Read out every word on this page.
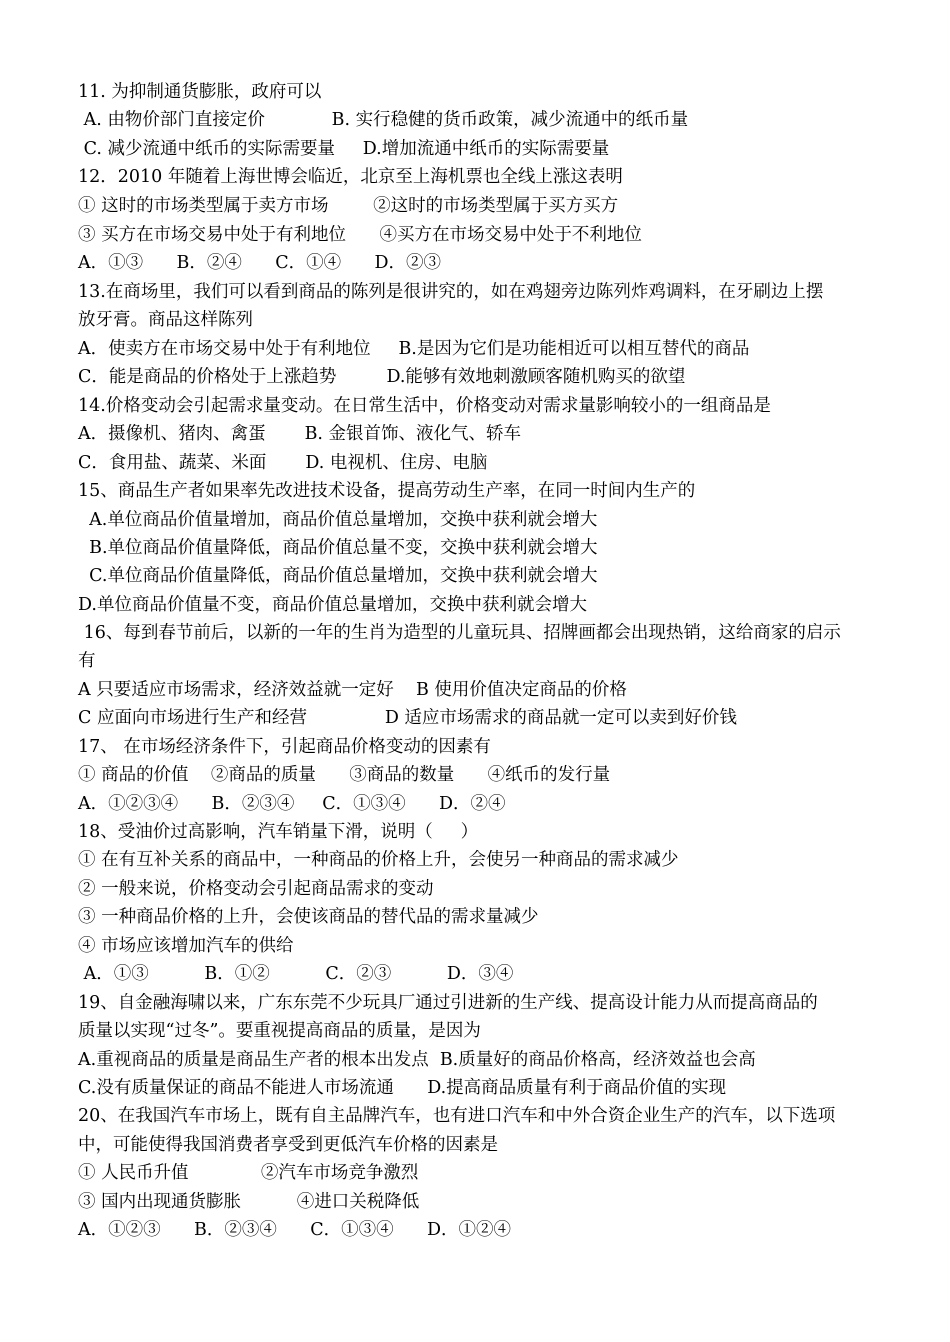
11. 为抑制通货膨胀，政府可以
A. 由物价部门直接定价            B. 实行稳健的货币政策，减少流通中的纸币量
C. 减少流通中纸币的实际需要量     D.增加流通中纸币的实际需要量
12．2010 年随着上海世博会临近，北京至上海机票也全线上涨这表明
① 这时的市场类型属于卖方市场        ②这时的市场类型属于买方买方
③ 买方在市场交易中处于有利地位      ④买方在市场交易中处于不利地位
A．①③      B．②④      C．①④      D．②③
13.在商场里，我们可以看到商品的陈列是很讲究的，如在鸡翅旁边陈列炸鸡调料，在牙刷边上摆
放牙膏。商品这样陈列
A．使卖方在市场交易中处于有利地位     B.是因为它们是功能相近可以相互替代的商品
C．能是商品的价格处于上涨趋势         D.能够有效地刺激顾客随机购买的欲望
14.价格变动会引起需求量变动。在日常生活中，价格变动对需求量影响较小的一组商品是
A．摄像机、猪肉、禽蛋       B. 金银首饰、液化气、轿车
C．食用盐、蔬菜、米面       D. 电视机、住房、电脑
15、商品生产者如果率先改进技术设备，提高劳动生产率，在同一时间内生产的
A.单位商品价值量增加，商品价值总量增加，交换中获利就会增大
B.单位商品价值量降低，商品价值总量不变，交换中获利就会增大
C.单位商品价值量降低，商品价值总量增加，交换中获利就会增大
D.单位商品价值量不变，商品价值总量增加，交换中获利就会增大
16、每到春节前后，以新的一年的生肖为造型的儿童玩具、招牌画都会出现热销，这给商家的启示
有
A 只要适应市场需求，经济效益就一定好    B 使用价值决定商品的价格
C 应面向市场进行生产和经营              D 适应市场需求的商品就一定可以卖到好价钱
17、 在市场经济条件下，引起商品价格变动的因素有
① 商品的价值    ②商品的质量      ③商品的数量      ④纸币的发行量
A．①②③④      B．②③④     C．①③④      D．②④
18、受油价过高影响，汽车销量下滑，说明（     ）
① 在有互补关系的商品中，一种商品的价格上升，会使另一种商品的需求减少
② 一般来说，价格变动会引起商品需求的变动
③ 一种商品价格的上升，会使该商品的替代品的需求量减少
④ 市场应该增加汽车的供给
A．①③          B．①②          C．②③          D．③④
19、自金融海啸以来，广东东莞不少玩具厂通过引进新的生产线、提高设计能力从而提高商品的
质量以实现“过冬”。要重视提高商品的质量，是因为
A.重视商品的质量是商品生产者的根本出发点  B.质量好的商品价格高，经济效益也会高
C.没有质量保证的商品不能进人市场流通      D.提高商品质量有利于商品价值的实现
20、在我国汽车市场上，既有自主品牌汽车，也有进口汽车和中外合资企业生产的汽车，以下选项
中，可能使得我国消费者享受到更低汽车价格的因素是
① 人民币升值             ②汽车市场竞争激烈
③ 国内出现通货膨胀          ④进口关税降低
A．①②③      B．②③④      C．①③④      D．①②④
